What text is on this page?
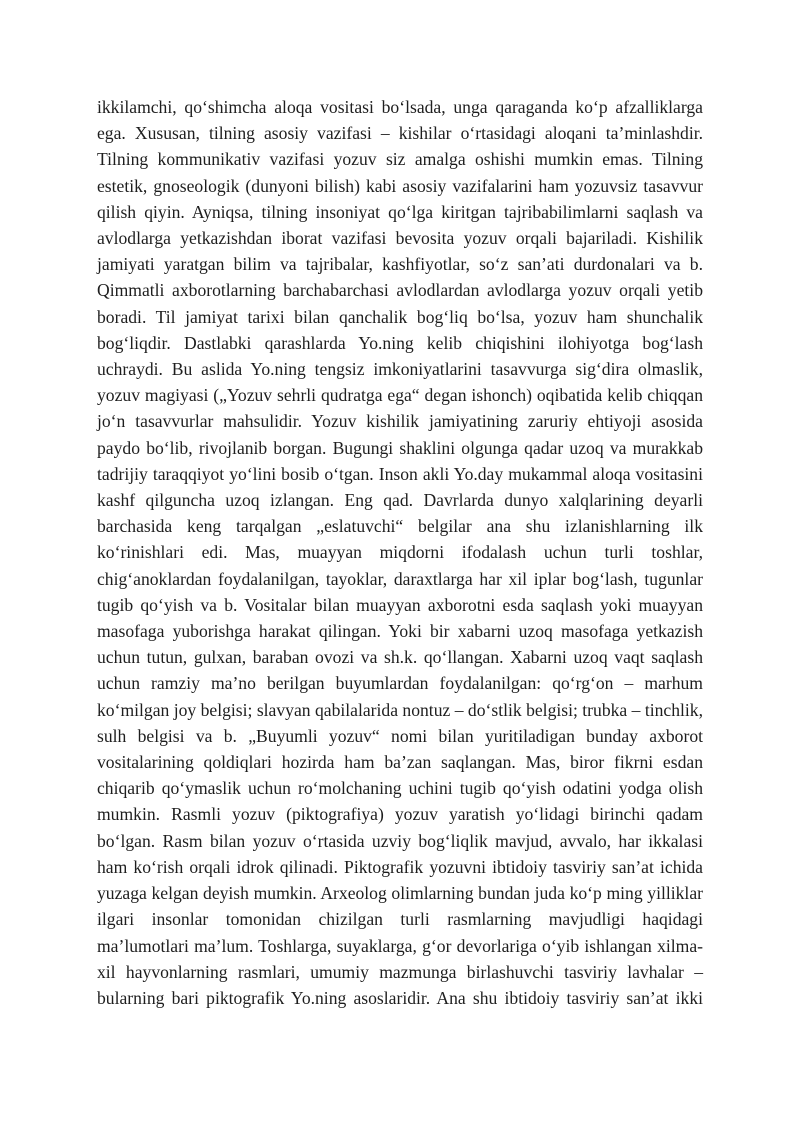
ikkilamchi, qo‘shimcha aloqa vositasi bo‘lsada, unga qaraganda ko‘p afzalliklarga ega. Xususan, tilning asosiy vazifasi – kishilar o‘rtasidagi aloqani ta’minlashdir. Tilning kommunikativ vazifasi yozuv siz amalga oshishi mumkin emas. Tilning estetik, gnoseologik (dunyoni bilish) kabi asosiy vazifalarini ham yozuvsiz tasavvur qilish qiyin. Ayniqsa, tilning insoniyat qo‘lga kiritgan tajribabilimlarni saqlash va avlodlarga yetkazishdan iborat vazifasi bevosita yozuv orqali bajariladi. Kishilik jamiyati yaratgan bilim va tajribalar, kashfiyotlar, so‘z san’ati durdonalari va b. Qimmatli axborotlarning barchabarchasi avlodlardan avlodlarga yozuv orqali yetib boradi. Til jamiyat tarixi bilan qanchalik bog‘liq bo‘lsa, yozuv ham shunchalik bog‘liqdir. Dastlabki qarashlarda Yo.ning kelib chiqishini ilohiyotga bog‘lash uchraydi. Bu aslida Yo.ning tengsiz imkoniyatlarini tasavvurga sig‘dira olmaslik, yozuv magiyasi („Yozuv sehrli qudratga ega“ degan ishonch) oqibatida kelib chiqqan jo‘n tasavvurlar mahsulidir. Yozuv kishilik jamiyatining zaruriy ehtiyoji asosida paydo bo‘lib, rivojlanib borgan. Bugungi shaklini olgunga qadar uzoq va murakkab tadrijiy taraqqiyot yo‘lini bosib o‘tgan. Inson akli Yo.day mukammal aloqa vositasini kashf qilguncha uzoq izlangan. Eng qad. Davrlarda dunyo xalqlarining deyarli barchasida keng tarqalgan „eslatuvchi“ belgilar ana shu izlanishlarning ilk ko‘rinishlari edi. Mas, muayyan miqdorni ifodalash uchun turli toshlar, chig‘anoklardan foydalanilgan, tayoklar, daraxtlarga har xil iplar bog‘lash, tugunlar tugib qo‘yish va b. Vositalar bilan muayyan axborotni esda saqlash yoki muayyan masofaga yuborishga harakat qilingan. Yoki bir xabarni uzoq masofaga yetkazish uchun tutun, gulxan, baraban ovozi va sh.k. qo‘llangan. Xabarni uzoq vaqt saqlash uchun ramziy ma’no berilgan buyumlardan foydalanilgan: qo‘rg‘on – marhum ko‘milgan joy belgisi; slavyan qabilalarida nontuz – do‘stlik belgisi; trubka – tinchlik, sulh belgisi va b. „Buyumli yozuv“ nomi bilan yuritiladigan bunday axborot vositalarining qoldiqlari hozirda ham ba’zan saqlangan. Mas, biror fikrni esdan chiqarib qo‘ymaslik uchun ro‘molchaning uchini tugib qo‘yish odatini yodga olish mumkin. Rasmli yozuv (piktografiya) yozuv yaratish yo‘lidagi birinchi qadam bo‘lgan. Rasm bilan yozuv o‘rtasida uzviy bog‘liqlik mavjud, avvalo, har ikkalasi ham ko‘rish orqali idrok qilinadi. Piktografik yozuvni ibtidoiy tasviriy san’at ichida yuzaga kelgan deyish mumkin. Arxeolog olimlarning bundan juda ko‘p ming yilliklar ilgari insonlar tomonidan chizilgan turli rasmlarning mavjudligi haqidagi ma’lumotlari ma’lum. Toshlarga, suyaklarga, g‘or devorlariga o‘yib ishlangan xilma-xil hayvonlarning rasmlari, umumiy mazmunga birlashuvchi tasviriy lavhalar – bularning bari piktografik Yo.ning asoslaridir. Ana shu ibtidoiy tasviriy san’at ikki
